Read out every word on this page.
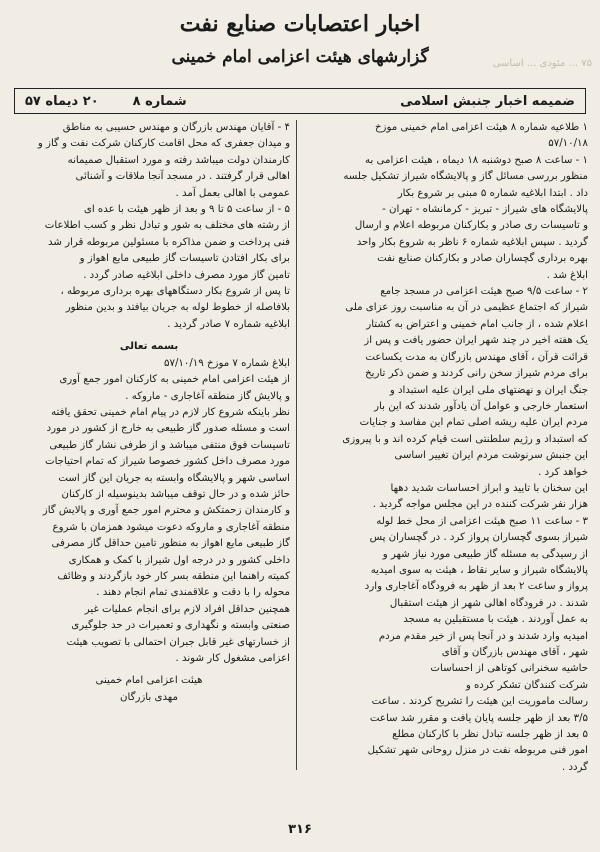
اخبار اعتصابات صنایع نفت
گزارشهای هیئت اعزامی امام خمینی	۷۵ ... مئودی ... اساسی
ضمیمه اخبار جنبش اسلامی
شماره ۸
۲۰ دیماه ۵۷

۱ طلاعیه شماره ۸ هیئت اعزامی امام خمینی موزخ

۵۷/۱۰/۱۸

۱ - ساعت ۸ صبح دوشنبه ۱۸ دیماه ، هیئت اعزامی به

منظور بررسی مسائل گاز و پالایشگاه شیراز تشکیل جلسه

داد . ابتدا ابلاغیه شماره ۵ مبنی بر شروع بکار

پالایشگاه های شیراز - تبریز - کرمانشاه - تهران -

و تاسیسات ری صادر و بکارکنان مربوطه اعلام و ارسال

گردید . سپس ابلاغیه شماره ۶ ناظر به شروع بکار واحد

بهره برداری گچساران صادر و بکارکنان صنایع نفت

ابلاغ شد .

۲ - ساعت ۹/۵ صبح هیئت اعزامی در مسجد جامع

شیراز که اجتماع عظیمی در آن به مناسبت روز عزای ملی

اعلام شده ، از جانب امام خمینی و اعتراض به کشتار

یک هفته اخیر در چند شهر ایران حضور یافت و پس از

قرائت قرآن ، آقای مهندس بازرگان به مدت یکساعت

برای مردم شیراز سخن رانی کردند و ضمن ذکر تاریخ

جنگ ایران و نهضتهای ملی ایران علیه استبداد و

استعمار خارجی و عوامل آن یادآور شدند که این بار

مردم ایران علیه ریشه اصلی تمام این مفاسد و جنایات

که استبداد و رژیم سلطنتی است قیام کرده اند و با پیروزی

این جنبش سرنوشت مردم ایران تغییر اساسی

خواهد کرد .

این سخنان با تایید و ابراز احساسات شدید دهها

هزار نفر شرکت کننده در این مجلس مواجه گردید .

۳ - ساعت ۱۱ صبح هیئت اعزامی از محل خط لوله

شیراز بسوی گچساران پرواز کرد . در گچساران پس

از رسیدگی به مسئله گاز طبیعی مورد نیاز شهر و

پالایشگاه شیراز و سایر نقاط ، هیئت به سوی امیدیه

پرواز و ساعت ۲ بعد از ظهر به فرودگاه آغاجاری وارد

شدند . در فرودگاه اهالی شهر از هیئت استقبال

به عمل آوردند . هیئت با مستقبلین به مسجد

امیدیه وارد شدند و در آنجا پس از خیر مقدم مردم

شهر ، آقای مهندس بازرگان و آقای

حاشیه سخنرانی کوتاهی از احساسات

شرکت کنندگان تشکر کرده و

رسالت ماموریت این هیئت را تشریح کردند . ساعت

۳/۵ بعد از ظهر جلسه پایان یافت و مقرر شد ساعت

۵ بعد از ظهر جلسه تبادل نظر با کارکنان مطلع

امور فنی مربوطه نفت در منزل روحانی شهر تشکیل

گردد .

۴ - آقایان مهندس بازرگان و مهندس حسیبی به مناطق

و میدان جعفری که محل اقامت کارکنان شرکت نفت و گاز و

کارمندان دولت میباشد رفته و مورد استقبال صمیمانه

اهالی قرار گرفتند . در مسجد آنجا ملاقات و آشنائی

عمومی با اهالی بعمل آمد .

۵ - از ساعت ۵ تا ۹ و بعد از ظهر هیئت با عده ای

از رشته های مختلف به شور و تبادل نظر و کسب اطلاعات

فنی پرداخت و ضمن مذاکره با مسئولین مربوطه قرار شد

برای بکار افتادن تاسیسات گاز طبیعی مایع اهواز و

تامین گاز مورد مصرف داخلی ابلاغیه صادر گردد .

تا پس از شروع بکار دستگاههای بهره برداری مربوطه ،

بلافاصله از خطوط لوله به جریان بیافتد و بدین منظور

ابلاغیه شماره ۷ صادر گردید .

بسمه تعالی

ابلاغ شماره ۷ موزخ ۵۷/۱۰/۱۹

از هیئت اعزامی امام خمینی به کارکنان امور جمع آوری

و پالایش گاز منطقه آغاجاری - ماروکه .

نظر باینکه شروع کار لازم در پیام امام خمینی تحقق یافته

است و مسئله صدور گاز طبیعی به خارج از کشور در مورد

تاسیسات فوق منتفی میباشد و از طرفی نشار گاز طبیعی

مورد مصرف داخل کشور خصوصا شیراز که تمام احتیاجات

اساسی شهر و پالایشگاه وابسته به جریان این گاز است

حائز شده و در حال توقف میباشد بدینوسیله از کارکنان

و کارمندان زحمتکش و محترم امور جمع آوری و پالایش گاز

منطقه آغاجاری و ماروکه دعوت میشود همزمان با شروع

گاز طبیعی مایع اهواز به منظور تامین حداقل گاز مصرفی

داخلی کشور و در درجه اول شیراز با کمک و همکاری

کمیته راهنما این منطقه بسر کار خود بازگردند و وظائف

محوله را با دقت و علاقمندی تمام انجام دهند .

همچنین حداقل افراد لازم برای انجام عملیات غیر

صنعتی وابسته و نگهداری و تعمیرات در حد جلوگیری

از خسارتهای غیر قابل جبران احتمالی با تصویب هیئت

اعزامی مشغول کار شوند .

هیئت اعزامی امام خمینی

مهدی بازرگان

۳۱۶
